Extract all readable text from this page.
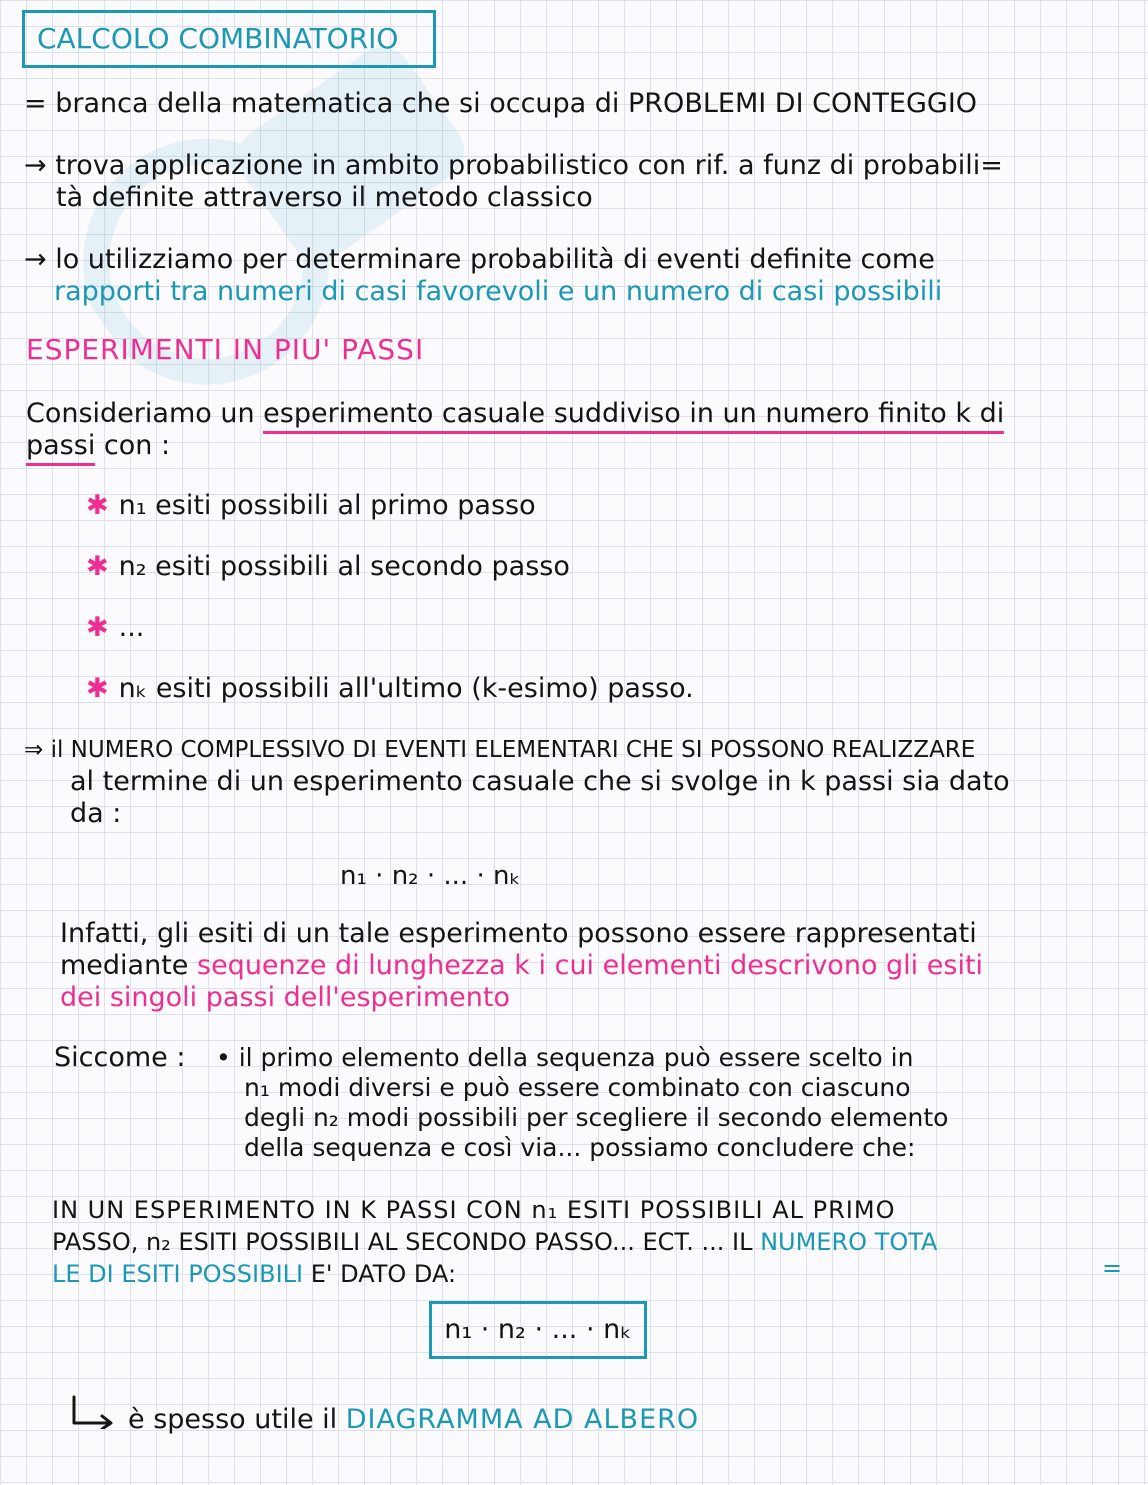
CALCOLO COMBINATORIO
= branca della matematica che si occupa di PROBLEMI DI CONTEGGIO
→ trova applicazione in ambito probabilistico con rif. a funz di probabili=
tà definite attraverso il metodo classico
→ lo utilizziamo per determinare probabilità di eventi definite come
rapporti tra numeri di casi favorevoli e un numero di casi possibili
ESPERIMENTI IN PIU' PASSI
Consideriamo un esperimento casuale suddiviso in un numero finito k di
passi con :
✱ n₁ esiti possibili al primo passo
✱ n₂ esiti possibili al secondo passo
✱ ...
✱ nₖ esiti possibili all'ultimo (k-esimo) passo.
⇒ il NUMERO COMPLESSIVO DI EVENTI ELEMENTARI CHE SI POSSONO REALIZZARE
al termine di un esperimento casuale che si svolge in k passi sia dato
da :
n₁ · n₂ · ... · nₖ
Infatti, gli esiti di un tale esperimento possono essere rappresentati
mediante sequenze di lunghezza k i cui elementi descrivono gli esiti
dei singoli passi dell'esperimento
Siccome : • il primo elemento della sequenza può essere scelto in
n₁ modi diversi e può essere combinato con ciascuno
degli n₂ modi possibili per scegliere il secondo elemento
della sequenza e così via... possiamo concludere che:
IN UN ESPERIMENTO IN K PASSI CON n₁ ESITI POSSIBILI AL PRIMO
PASSO, n₂ ESITI POSSIBILI AL SECONDO PASSO... ECT. ... IL NUMERO TOTA
LE DI ESITI POSSIBILI E' DATO DA:	=
n₁ · n₂ · ... · nₖ
è spesso utile il DIAGRAMMA AD ALBERO
